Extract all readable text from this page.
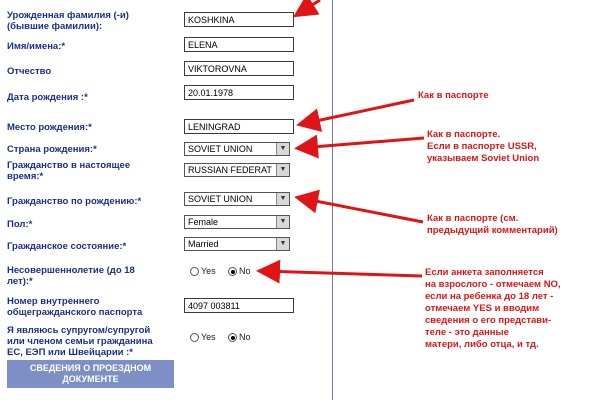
Урожденная фамилия (-и)
(бывшие фамилии):
KOSHKINA
Имя/имена:*	ELENA
Отчество	VIKTOROVNA
Дата рождения :*	20.01.1978
Место рождения:*	LENINGRAD
Страна рождения:*	SOVIET UNION	▼
Гражданство в настоящее
время:*
RUSSIAN FEDERAT	▼
Гражданство по рождению:*	SOVIET UNION	▼
Пол:*	Female	▼
Гражданское состояние:*	Married	▼
Несовершеннолетие (до 18
лет):*
Yes	No
Номер внутреннего
общегражданского паспорта
4097 003811
Я являюсь супругом/супругой
или членом семьи гражданина
ЕС, ЕЭП или Швейцарии :*
Yes	No
СВЕДЕНИЯ О ПРОЕЗДНОМ
ДОКУМЕНТЕ
Как в паспорте
Как в паспорте.
Если в паспорте USSR,
указываем Soviet Union
Как в паспорте (см.
предыдущий комментарий)
Если анкета заполняется
на взрослого - отмечаем NO,
если на ребенка до 18 лет -
отмечаем YES и вводим
сведения о его представи-
теле - это данные
матери, либо отца, и тд.
